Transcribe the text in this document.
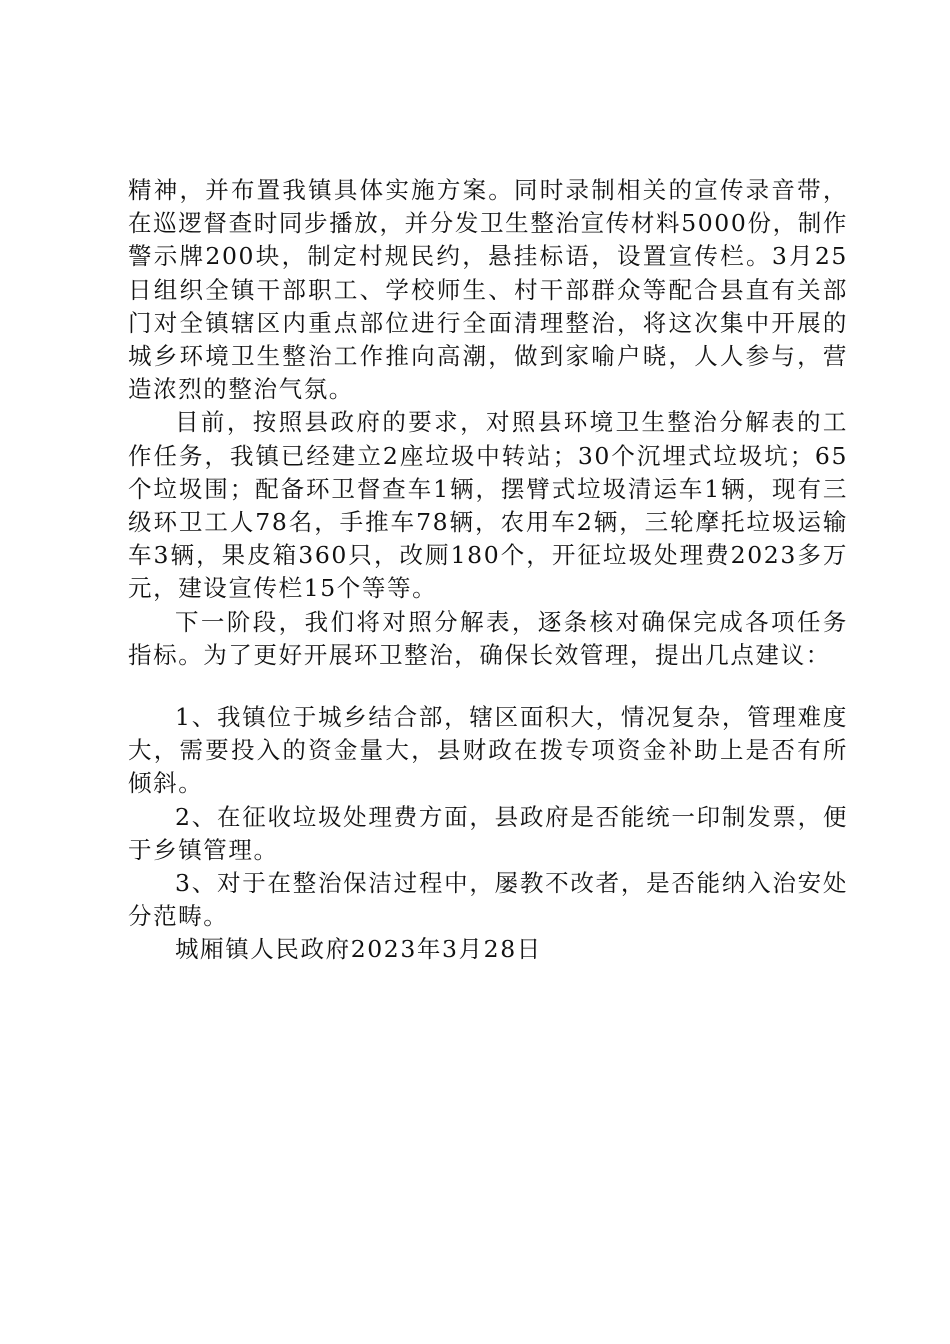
精神，并布置我镇具体实施方案。同时录制相关的宣传录音带，在巡逻督查时同步播放，并分发卫生整治宣传材料5000份，制作警示牌200块，制定村规民约，悬挂标语，设置宣传栏。3月25日组织全镇干部职工、学校师生、村干部群众等配合县直有关部门对全镇辖区内重点部位进行全面清理整治，将这次集中开展的城乡环境卫生整治工作推向高潮，做到家喻户晓，人人参与，营造浓烈的整治气氛。

目前，按照县政府的要求，对照县环境卫生整治分解表的工作任务，我镇已经建立2座垃圾中转站；30个沉埋式垃圾坑；65个垃圾围；配备环卫督查车1辆，摆臂式垃圾清运车1辆，现有三级环卫工人78名，手推车78辆，农用车2辆，三轮摩托垃圾运输车3辆，果皮箱360只，改厕180个，开征垃圾处理费2023多万元，建设宣传栏15个等等。

下一阶段，我们将对照分解表，逐条核对确保完成各项任务指标。为了更好开展环卫整治，确保长效管理，提出几点建议：

1、我镇位于城乡结合部，辖区面积大，情况复杂，管理难度大，需要投入的资金量大，县财政在拨专项资金补助上是否有所倾斜。

2、在征收垃圾处理费方面，县政府是否能统一印制发票，便于乡镇管理。

3、对于在整治保洁过程中，屡教不改者，是否能纳入治安处分范畴。

城厢镇人民政府2023年3月28日
